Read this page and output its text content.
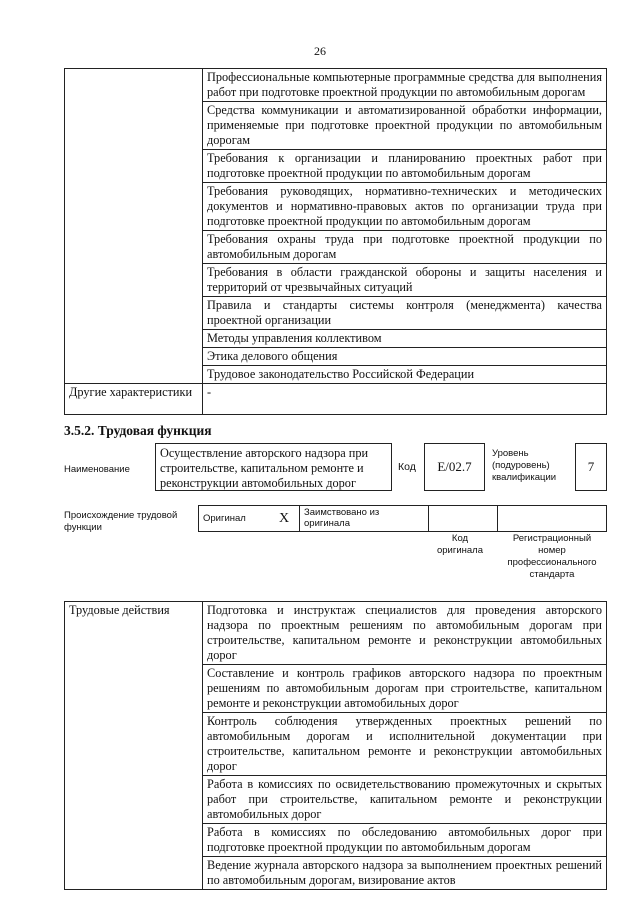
26
	Профессиональные компьютерные программные средства для выполнения работ при подготовке проектной продукции по автомобильным дорогам
	Средства коммуникации и автоматизированной обработки информации, применяемые при подготовке проектной продукции по автомобильным дорогам
	Требования к организации и планированию проектных работ при подготовке проектной продукции по автомобильным дорогам
	Требования руководящих, нормативно-технических и методических документов и нормативно-правовых актов по организации труда при подготовке проектной продукции по автомобильным дорогам
	Требования охраны труда при подготовке проектной продукции по автомобильным дорогам
	Требования в области гражданской обороны и защиты населения и территорий от чрезвычайных ситуаций
	Правила и стандарты системы контроля (менеджмента) качества проектной организации
	Методы управления коллективом
	Этика делового общения
	Трудовое законодательство Российской Федерации
Другие характеристики	-
3.5.2. Трудовая функция
Наименование
Осуществление авторского надзора при строительстве, капитальном ремонте и реконструкции автомобильных дорог
Код	E/02.7
Уровень (подуровень) квалификации
7
Происхождение трудовой функции
Оригинал	X	Заимствовано из оригинала		
Код оригинала
Регистрационный номер профессионального стандарта
Трудовые действия	Подготовка и инструктаж специалистов для проведения авторского надзора по проектным решениям по автомобильным дорогам при строительстве, капитальном ремонте и реконструкции автомобильных дорог
Составление и контроль графиков авторского надзора по проектным решениям по автомобильным дорогам при строительстве, капитальном ремонте и реконструкции автомобильных дорог
Контроль соблюдения утвержденных проектных решений по автомобильным дорогам и исполнительной документации при строительстве, капитальном ремонте и реконструкции автомобильных дорог
Работа в комиссиях по освидетельствованию промежуточных и скрытых работ при строительстве, капитальном ремонте и реконструкции автомобильных дорог
Работа в комиссиях по обследованию автомобильных дорог при подготовке проектной продукции по автомобильным дорогам
Ведение журнала авторского надзора за выполнением проектных решений по автомобильным дорогам, визирование актов
